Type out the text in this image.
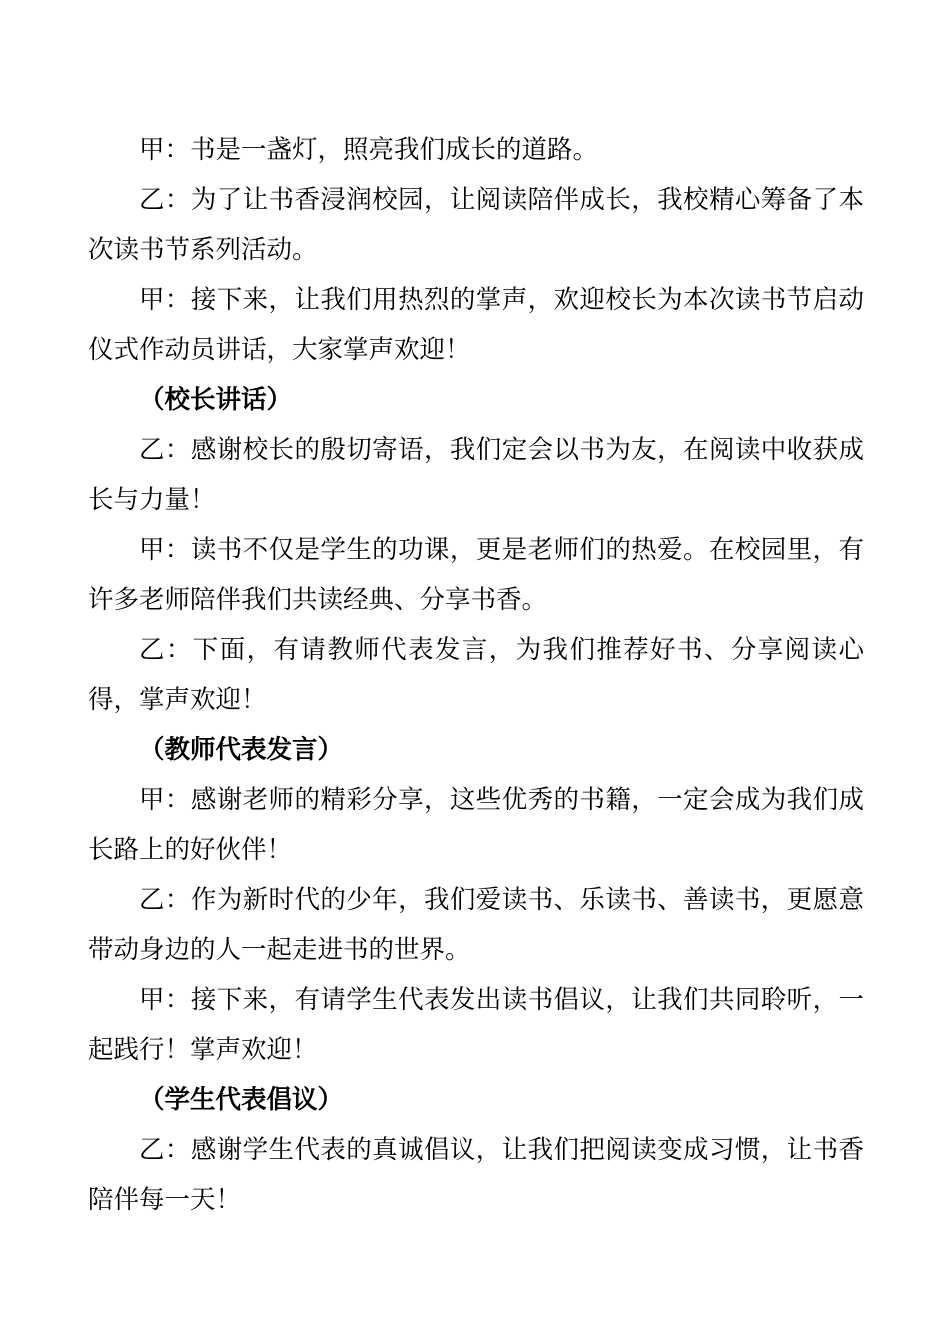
甲：书是一盏灯，照亮我们成长的道路。

乙：为了让书香浸润校园，让阅读陪伴成长，我校精心筹备了本次读书节系列活动。

甲：接下来，让我们用热烈的掌声，欢迎校长为本次读书节启动仪式作动员讲话，大家掌声欢迎！

（校长讲话）

乙：感谢校长的殷切寄语，我们定会以书为友，在阅读中收获成长与力量！

甲：读书不仅是学生的功课，更是老师们的热爱。在校园里，有许多老师陪伴我们共读经典、分享书香。

乙：下面，有请教师代表发言，为我们推荐好书、分享阅读心得，掌声欢迎！

（教师代表发言）

甲：感谢老师的精彩分享，这些优秀的书籍，一定会成为我们成长路上的好伙伴！

乙：作为新时代的少年，我们爱读书、乐读书、善读书，更愿意带动身边的人一起走进书的世界。

甲：接下来，有请学生代表发出读书倡议，让我们共同聆听，一起践行！掌声欢迎！

（学生代表倡议）

乙：感谢学生代表的真诚倡议，让我们把阅读变成习惯，让书香陪伴每一天！
